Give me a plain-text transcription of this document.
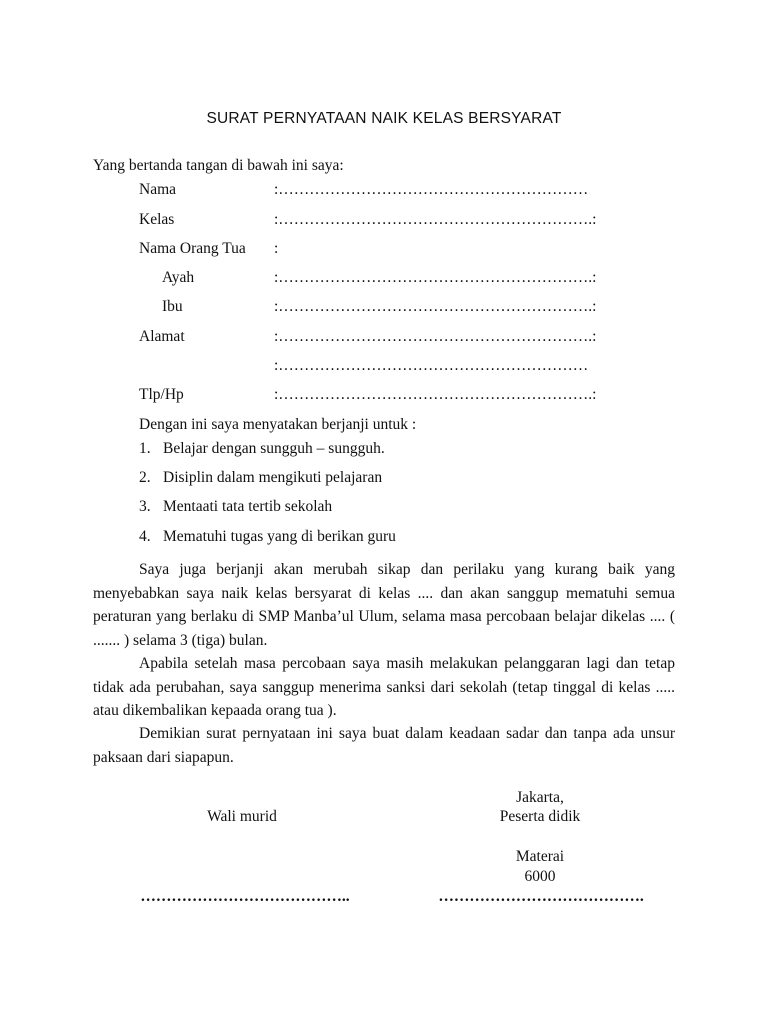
SURAT PERNYATAAN NAIK KELAS BERSYARAT
Yang bertanda tangan di bawah ini saya:
Nama	:……………………………………………………
Kelas	:…………………………………………………….:
Nama Orang Tua :
Ayah	:…………………………………………………….:
Ibu	:…………………………………………………….:
Alamat	:…………………………………………………….:
:……………………………………………………
Tlp/Hp	:…………………………………………………….:
Dengan ini saya menyatakan berjanji untuk :
1. Belajar dengan sungguh – sungguh.
2. Disiplin dalam mengikuti pelajaran
3. Mentaati tata tertib sekolah
4. Mematuhi tugas yang di berikan guru

Saya juga berjanji akan merubah sikap dan perilaku yang kurang baik yang menyebabkan saya naik kelas bersyarat di kelas .... dan akan sanggup mematuhi semua peraturan yang berlaku di SMP Manba’ul Ulum, selama masa percobaan belajar dikelas .... ( ....... ) selama 3 (tiga) bulan.

Apabila setelah masa percobaan saya masih melakukan pelanggaran lagi dan tetap tidak ada perubahan, saya sanggup menerima sanksi dari sekolah (tetap tinggal di kelas ..... atau dikembalikan kepaada orang tua ).

Demikian surat pernyataan ini saya buat dalam keadaan sadar dan tanpa ada unsur paksaan dari siapapun.

Jakarta,
Wali murid	Peserta didik
Materai
6000
…………………………………..	………………………………….
